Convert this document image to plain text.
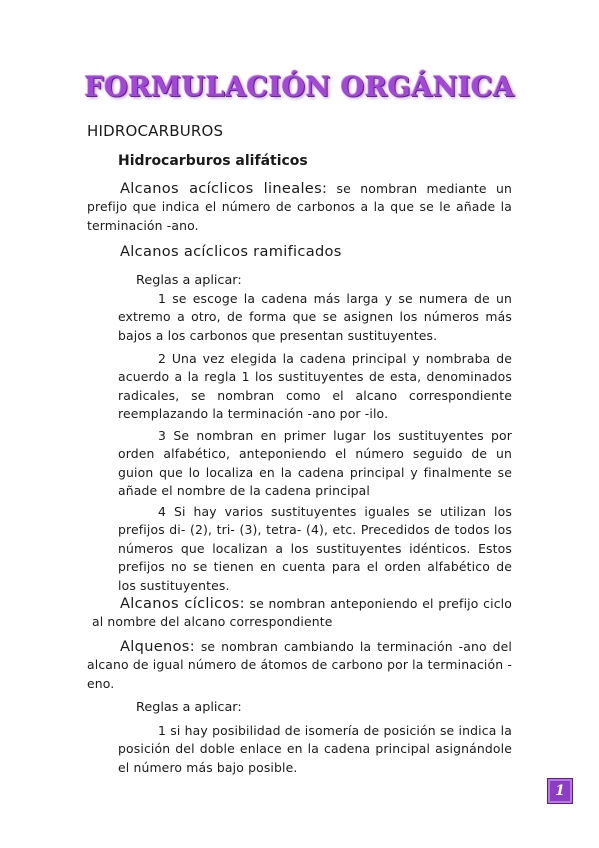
FORMULACIÓN ORGÁNICA
HIDROCARBUROS
Hidrocarburos alifáticos
Alcanos acíclicos lineales: se nombran mediante un prefijo que indica el número de carbonos a la que se le añade la terminación -ano.
Alcanos acíclicos ramificados
Reglas a aplicar:
1 se escoge la cadena más larga y se numera de un extremo a otro, de forma que se asignen los números más bajos a los carbonos que presentan sustituyentes.
2 Una vez elegida la cadena principal y nombraba de acuerdo a la regla 1 los sustituyentes de esta, denominados radicales, se nombran como el alcano correspondiente reemplazando la terminación -ano por -ilo.
3 Se nombran en primer lugar los sustituyentes por orden alfabético, anteponiendo el número seguido de un guion que lo localiza en la cadena principal y finalmente se añade el nombre de la cadena principal
4 Si hay varios sustituyentes iguales se utilizan los prefijos di- (2), tri- (3), tetra- (4), etc. Precedidos de todos los números que localizan a los sustituyentes idénticos. Estos prefijos no se tienen en cuenta para el orden alfabético de los sustituyentes.
Alcanos cíclicos: se nombran anteponiendo el prefijo ciclo al nombre del alcano correspondiente
Alquenos: se nombran cambiando la terminación -ano del alcano de igual número de átomos de carbono por la terminación -eno.
Reglas a aplicar:
1 si hay posibilidad de isomería de posición se indica la posición del doble enlace en la cadena principal asignándole el número más bajo posible.
1
